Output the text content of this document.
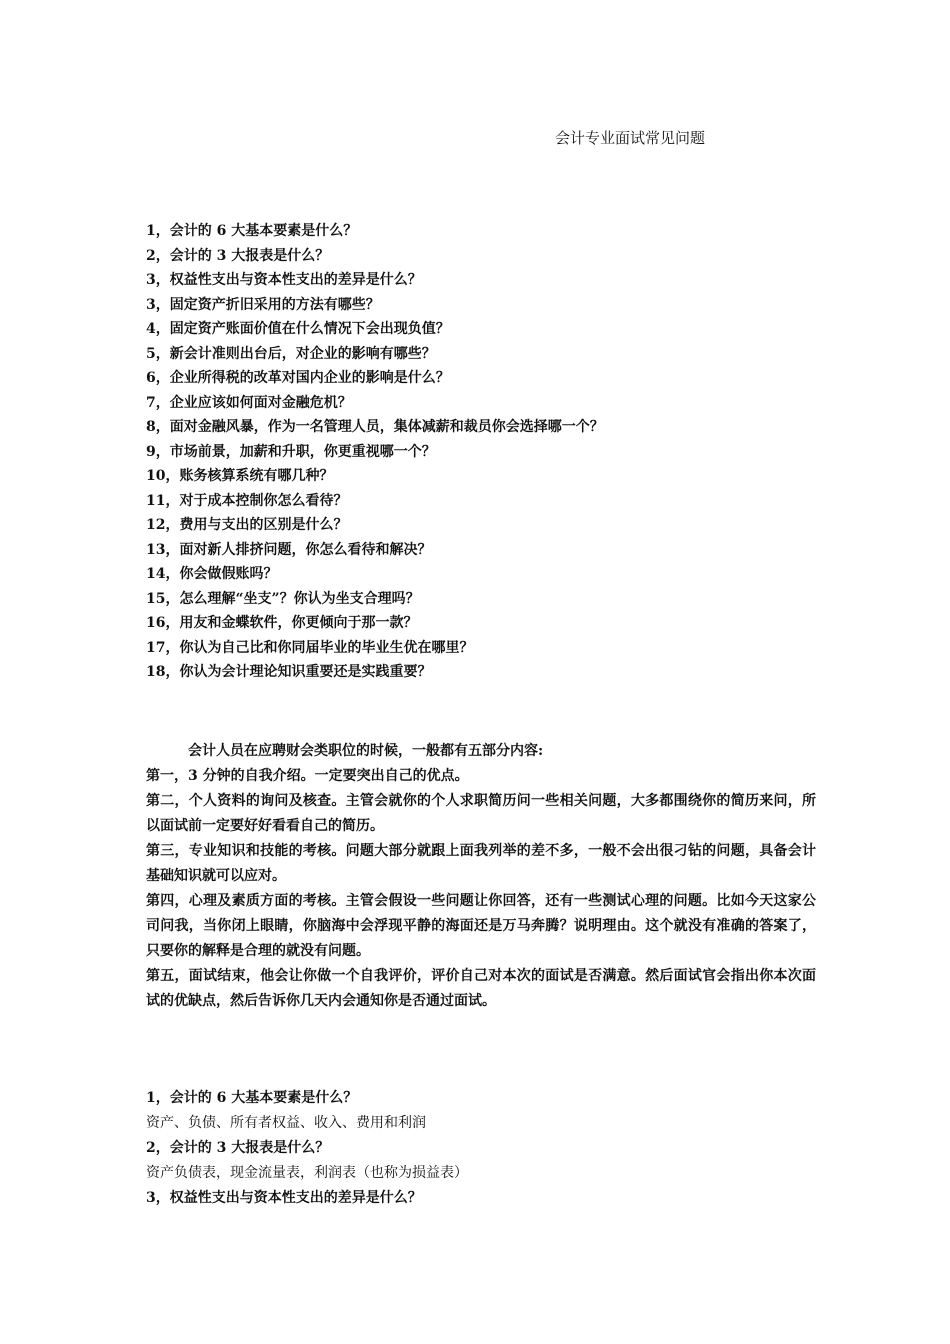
会计专业面试常见问题
1，会计的 6 大基本要素是什么？
2，会计的 3 大报表是什么？
3，权益性支出与资本性支出的差异是什么？
3，固定资产折旧采用的方法有哪些？
4，固定资产账面价值在什么情况下会出现负值？
5，新会计准则出台后，对企业的影响有哪些？
6，企业所得税的改革对国内企业的影响是什么？
7，企业应该如何面对金融危机？
8，面对金融风暴，作为一名管理人员，集体减薪和裁员你会选择哪一个？
9，市场前景，加薪和升职，你更重视哪一个？
10，账务核算系统有哪几种？
11，对于成本控制你怎么看待？
12，费用与支出的区别是什么？
13，面对新人排挤问题，你怎么看待和解决？
14，你会做假账吗？
15，怎么理解“坐支”？你认为坐支合理吗？
16，用友和金蝶软件，你更倾向于那一款？
17，你认为自己比和你同届毕业的毕业生优在哪里？
18，你认为会计理论知识重要还是实践重要？
会计人员在应聘财会类职位的时候，一般都有五部分内容:
第一，3 分钟的自我介绍。一定要突出自己的优点。
第二，个人资料的询问及核查。主管会就你的个人求职简历问一些相关问题，大多都围绕你的简历来问，所以面试前一定要好好看看自己的简历。
第三，专业知识和技能的考核。问题大部分就跟上面我列举的差不多，一般不会出很刁钻的问题，具备会计基础知识就可以应对。
第四，心理及素质方面的考核。主管会假设一些问题让你回答，还有一些测试心理的问题。比如今天这家公司问我，当你闭上眼睛，你脑海中会浮现平静的海面还是万马奔腾？说明理由。这个就没有准确的答案了，只要你的解释是合理的就没有问题。
第五，面试结束，他会让你做一个自我评价，评价自己对本次的面试是否满意。然后面试官会指出你本次面试的优缺点，然后告诉你几天内会通知你是否通过面试。
1，会计的 6 大基本要素是什么？
资产、负债、所有者权益、收入、费用和利润
2，会计的 3 大报表是什么？
资产负债表，现金流量表，利润表（也称为损益表）
3，权益性支出与资本性支出的差异是什么？
